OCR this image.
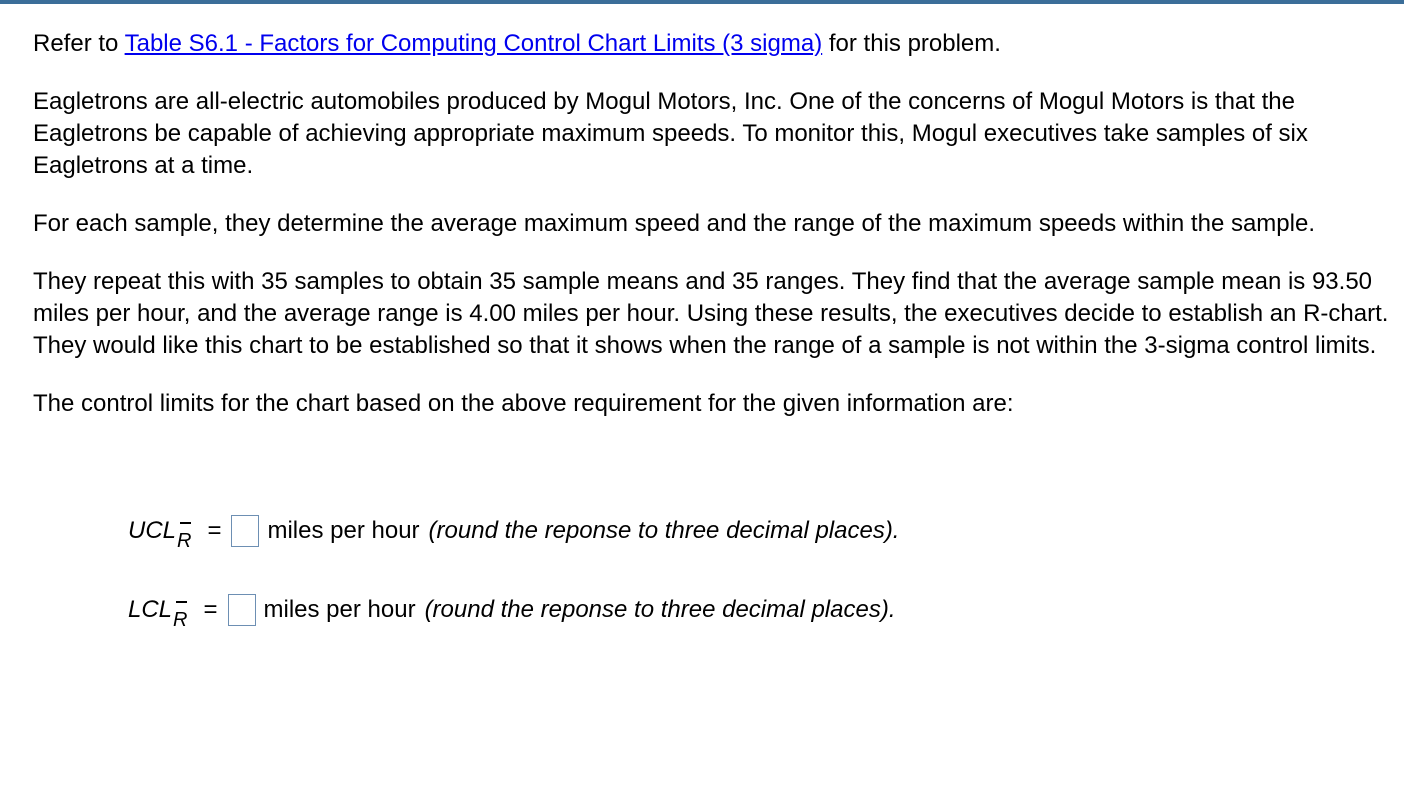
Refer to Table S6.1 - Factors for Computing Control Chart Limits (3 sigma) for this problem.

Eagletrons are all-electric automobiles produced by Mogul Motors, Inc. One of the concerns of Mogul Motors is that the Eagletrons be capable of achieving appropriate maximum speeds. To monitor this, Mogul executives take samples of six Eagletrons at a time.

For each sample, they determine the average maximum speed and the range of the maximum speeds within the sample.

They repeat this with 35 samples to obtain 35 sample means and 35 ranges. They find that the average sample mean is 93.50 miles per hour, and the average range is 4.00 miles per hour. Using these results, the executives decide to establish an R-chart. They would like this chart to be established so that it shows when the range of a sample is not within the 3-sigma control limits.

The control limits for the chart based on the above requirement for the given information are:

UCL R = miles per hour (round the reponse to three decimal places).
LCL R = miles per hour (round the reponse to three decimal places).
